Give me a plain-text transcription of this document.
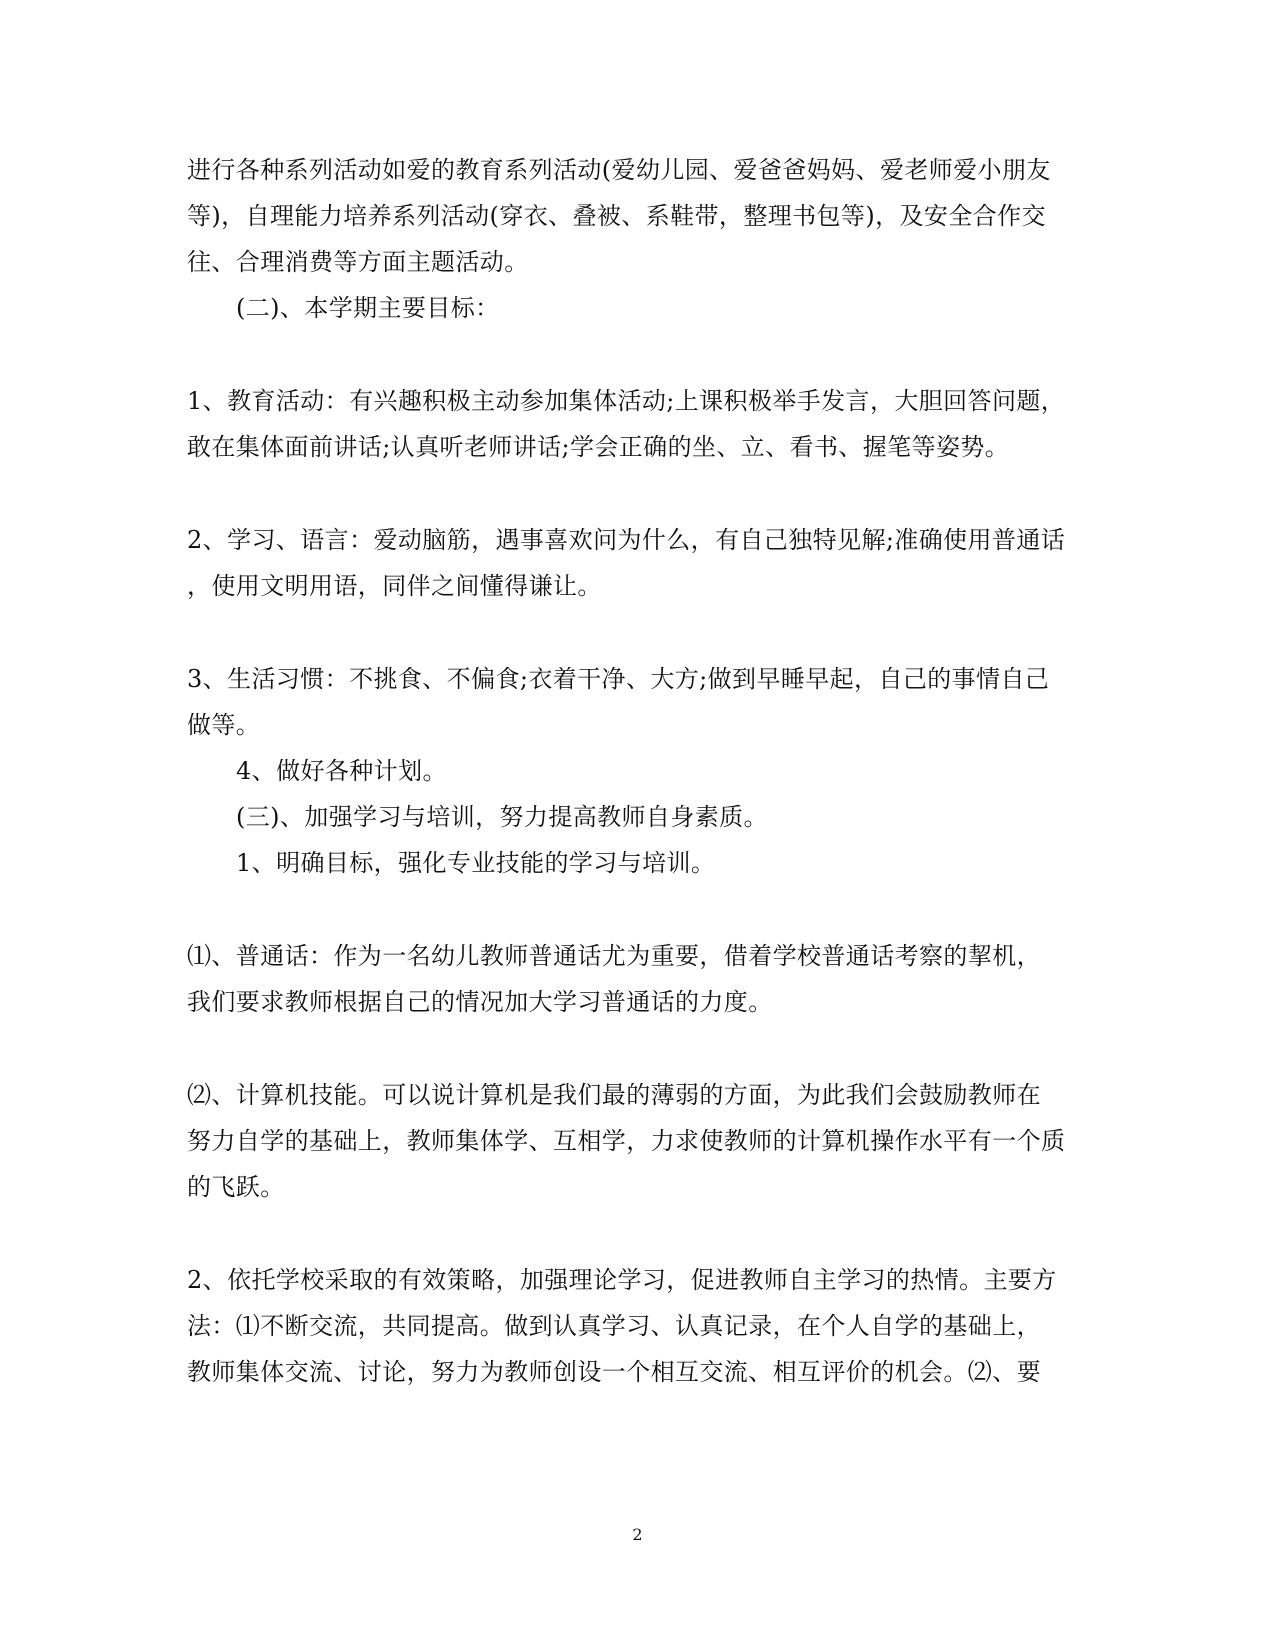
进行各种系列活动如爱的教育系列活动(爱幼儿园、爱爸爸妈妈、爱老师爱小朋友
等)，自理能力培养系列活动(穿衣、叠被、系鞋带，整理书包等)，及安全合作交
往、合理消费等方面主题活动。
(二)、本学期主要目标：
1、教育活动：有兴趣积极主动参加集体活动;上课积极举手发言，大胆回答问题，
敢在集体面前讲话;认真听老师讲话;学会正确的坐、立、看书、握笔等姿势。
2、学习、语言：爱动脑筋，遇事喜欢问为什么，有自己独特见解;准确使用普通话
，使用文明用语，同伴之间懂得谦让。
3、生活习惯：不挑食、不偏食;衣着干净、大方;做到早睡早起，自己的事情自己
做等。
4、做好各种计划。
(三)、加强学习与培训，努力提高教师自身素质。
1、明确目标，强化专业技能的学习与培训。
⑴、普通话：作为一名幼儿教师普通话尤为重要，借着学校普通话考察的挈机，
我们要求教师根据自己的情况加大学习普通话的力度。
⑵、计算机技能。可以说计算机是我们最的薄弱的方面，为此我们会鼓励教师在
努力自学的基础上，教师集体学、互相学，力求使教师的计算机操作水平有一个质
的飞跃。
2、依托学校采取的有效策略，加强理论学习，促进教师自主学习的热情。主要方
法：⑴不断交流，共同提高。做到认真学习、认真记录，在个人自学的基础上，
教师集体交流、讨论，努力为教师创设一个相互交流、相互评价的机会。⑵、要
2
